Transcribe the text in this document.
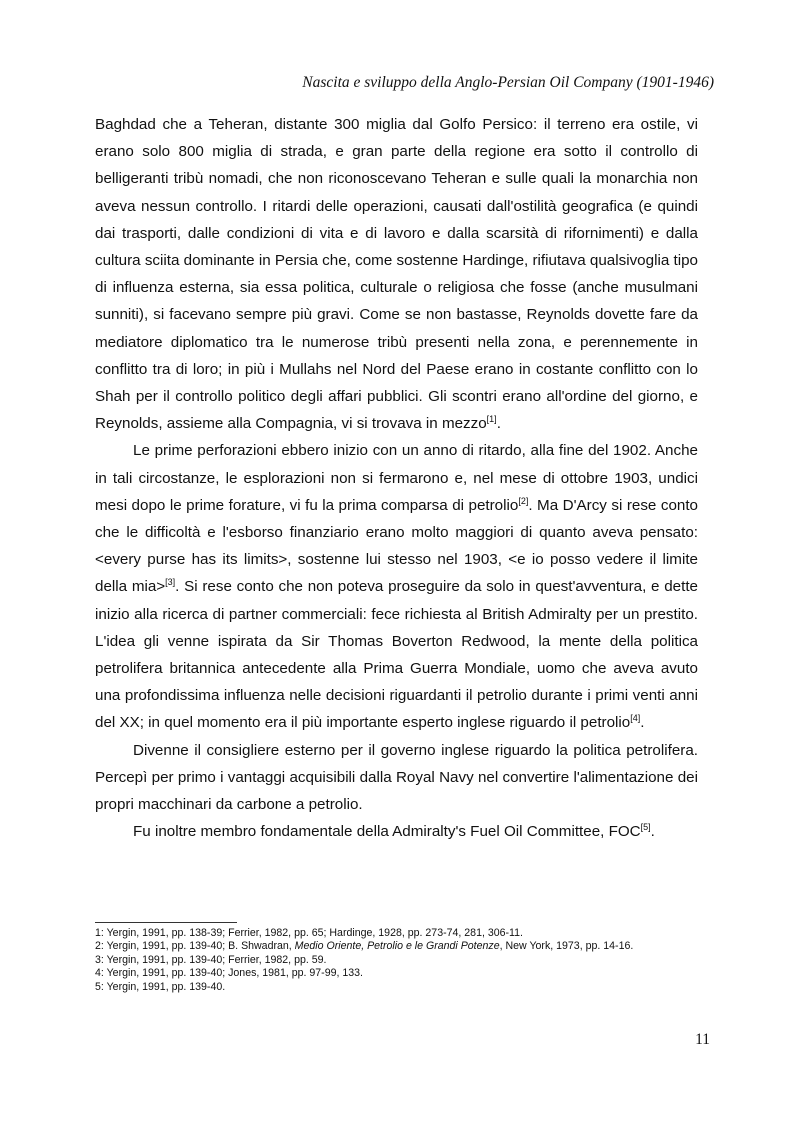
Nascita e sviluppo della Anglo-Persian Oil Company (1901-1946)

Baghdad che a Teheran, distante 300 miglia dal Golfo Persico: il terreno era ostile, vi erano solo 800 miglia di strada, e gran parte della regione era sotto il controllo di belligeranti tribù nomadi, che non riconoscevano Teheran e sulle quali la monarchia non aveva nessun controllo. I ritardi delle operazioni, causati dall'ostilità geografica (e quindi dai trasporti, dalle condizioni di vita e di lavoro e dalla scarsità di rifornimenti) e dalla cultura sciita dominante in Persia che, come sostenne Hardinge, rifiutava qualsivoglia tipo di influenza esterna, sia essa politica, culturale o religiosa che fosse (anche musulmani sunniti), si facevano sempre più gravi. Come se non bastasse, Reynolds dovette fare da mediatore diplomatico tra le numerose tribù presenti nella zona, e perennemente in conflitto tra di loro; in più i Mullahs nel Nord del Paese erano in costante conflitto con lo Shah per il controllo politico degli affari pubblici. Gli scontri erano all'ordine del giorno, e Reynolds, assieme alla Compagnia, vi si trovava in mezzo[1].

Le prime perforazioni ebbero inizio con un anno di ritardo, alla fine del 1902. Anche in tali circostanze, le esplorazioni non si fermarono e, nel mese di ottobre 1903, undici mesi dopo le prime forature, vi fu la prima comparsa di petrolio[2]. Ma D'Arcy si rese conto che le difficoltà e l'esborso finanziario erano molto maggiori di quanto aveva pensato: <every purse has its limits>, sostenne lui stesso nel 1903, <e io posso vedere il limite della mia>[3]. Si rese conto che non poteva proseguire da solo in quest'avventura, e dette inizio alla ricerca di partner commerciali: fece richiesta al British Admiralty per un prestito. L'idea gli venne ispirata da Sir Thomas Boverton Redwood, la mente della politica petrolifera britannica antecedente alla Prima Guerra Mondiale, uomo che aveva avuto una profondissima influenza nelle decisioni riguardanti il petrolio durante i primi venti anni del XX; in quel momento era il più importante esperto inglese riguardo il petrolio[4].

Divenne il consigliere esterno per il governo inglese riguardo la politica petrolifera. Percepì per primo i vantaggi acquisibili dalla Royal Navy nel convertire l'alimentazione dei propri macchinari da carbone a petrolio.

Fu inoltre membro fondamentale della Admiralty's Fuel Oil Committee, FOC[5].

1: Yergin, 1991, pp. 138-39; Ferrier, 1982, pp. 65; Hardinge, 1928, pp. 273-74, 281, 306-11.
2: Yergin, 1991, pp. 139-40; B. Shwadran, Medio Oriente, Petrolio e le Grandi Potenze, New York, 1973, pp. 14-16.
3: Yergin, 1991, pp. 139-40; Ferrier, 1982, pp. 59.
4: Yergin, 1991, pp. 139-40; Jones, 1981, pp. 97-99, 133.
5: Yergin, 1991, pp. 139-40.
11
